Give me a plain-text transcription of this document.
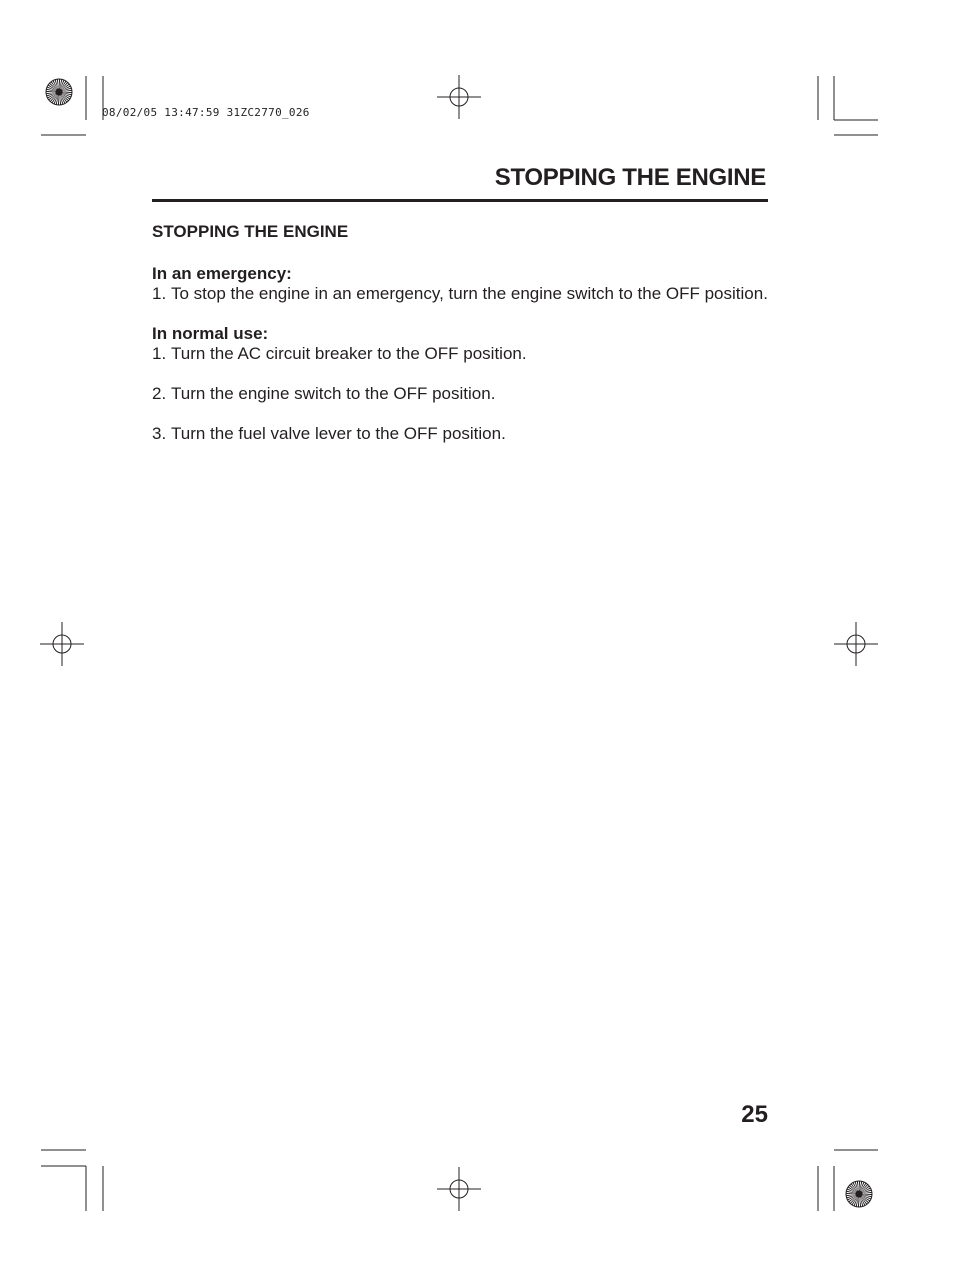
08/02/05 13:47:59 31ZC2770_026
STOPPING THE ENGINE
STOPPING THE ENGINE
In an emergency:
1. To stop the engine in an emergency, turn the engine switch to the OFF position.
In normal use:
1. Turn the AC circuit breaker to the OFF position.
2. Turn the engine switch to the OFF position.
3. Turn the fuel valve lever to the OFF position.
25
